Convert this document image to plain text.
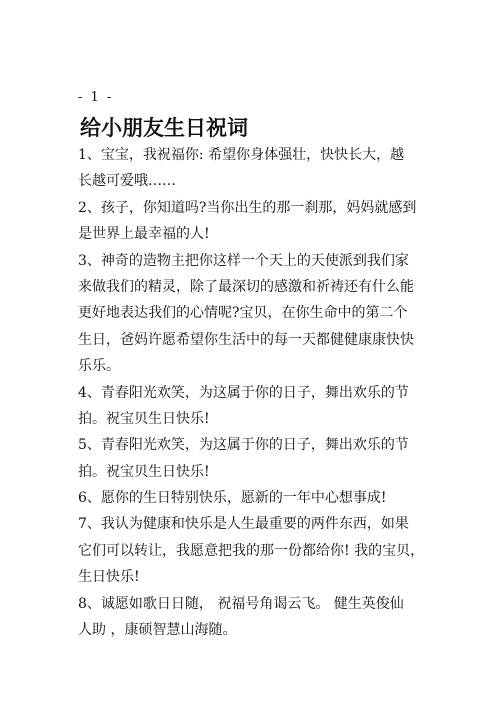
- 1 -
给小朋友生日祝词
1、宝宝，我祝福你: 希望你身体强壮，快快长大，越
长越可爱哦……
2、孩子，你知道吗?当你出生的那一刹那，妈妈就感到
是世界上最幸福的人!
3、神奇的造物主把你这样一个天上的天使派到我们家
来做我们的精灵，除了最深切的感激和祈祷还有什么能
更好地表达我们的心情呢?宝贝，在你生命中的第二个
生日，爸妈许愿希望你生活中的每一天都健健康康快快
乐乐。
4、青春阳光欢笑，为这属于你的日子，舞出欢乐的节
拍。祝宝贝生日快乐!
5、青春阳光欢笑，为这属于你的日子，舞出欢乐的节
拍。祝宝贝生日快乐!
6、愿你的生日特别快乐，愿新的一年中心想事成!
7、我认为健康和快乐是人生最重要的两件东西，如果
它们可以转让，我愿意把我的那一份都给你! 我的宝贝，
生日快乐!
8、诚愿如歌日日随， 祝福号角谒云飞。 健生英俊仙
人助 ，康硕智慧山海随。
